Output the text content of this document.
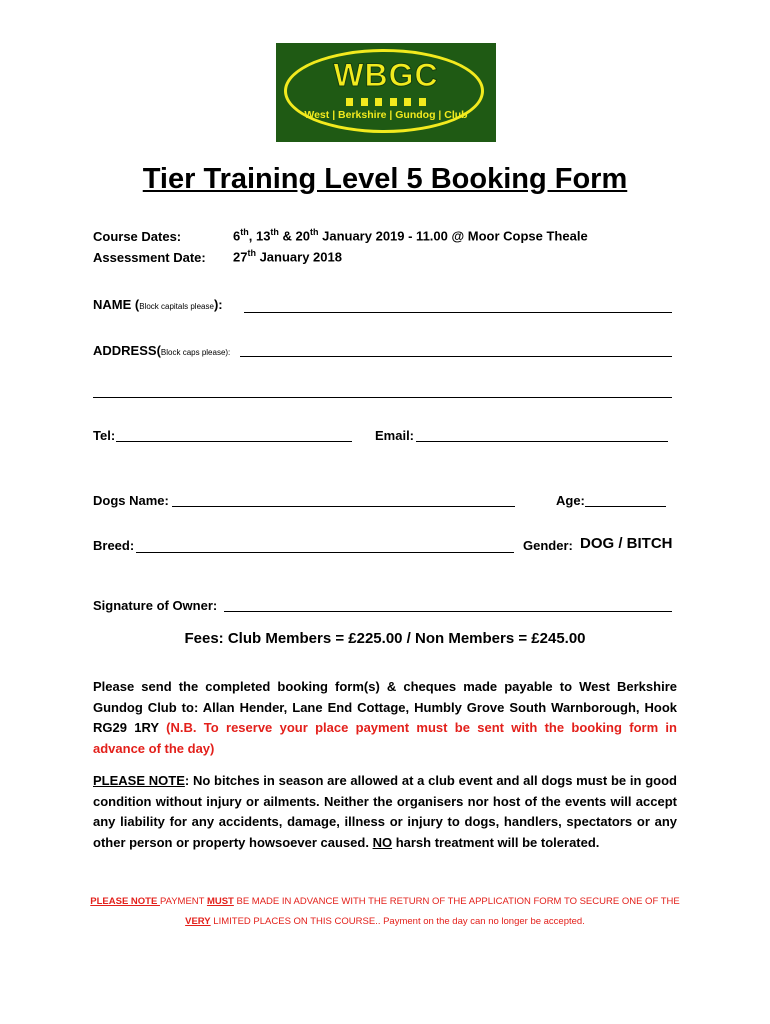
WBGC
West | Berkshire | Gundog | Club
Tier Training Level 5 Booking Form
Course Dates:	6th, 13th & 20th January 2019 - 11.00 @ Moor Copse Theale
Assessment Date: 27th January 2018
NAME (Block capitals please):
ADDRESS(Block caps please):
Tel:	Email:
Dogs Name:	Age:
Breed:	Gender: DOG / BITCH
Signature of Owner:
Fees: Club Members = £225.00 / Non Members = £245.00
Please send the completed booking form(s) & cheques made payable to West Berkshire Gundog Club to: Allan Hender, Lane End Cottage, Humbly Grove South Warnborough, Hook RG29 1RY (N.B. To reserve your place payment must be sent with the booking form in advance of the day)
PLEASE NOTE: No bitches in season are allowed at a club event and all dogs must be in good condition without injury or ailments. Neither the organisers nor host of the events will accept any liability for any accidents, damage, illness or injury to dogs, handlers, spectators or any other person or property howsoever caused. NO harsh treatment will be tolerated.
PLEASE NOTE PAYMENT MUST BE MADE IN ADVANCE WITH THE RETURN OF THE APPLICATION FORM TO SECURE ONE OF THE VERY LIMITED PLACES ON THIS COURSE.. Payment on the day can no longer be accepted.
